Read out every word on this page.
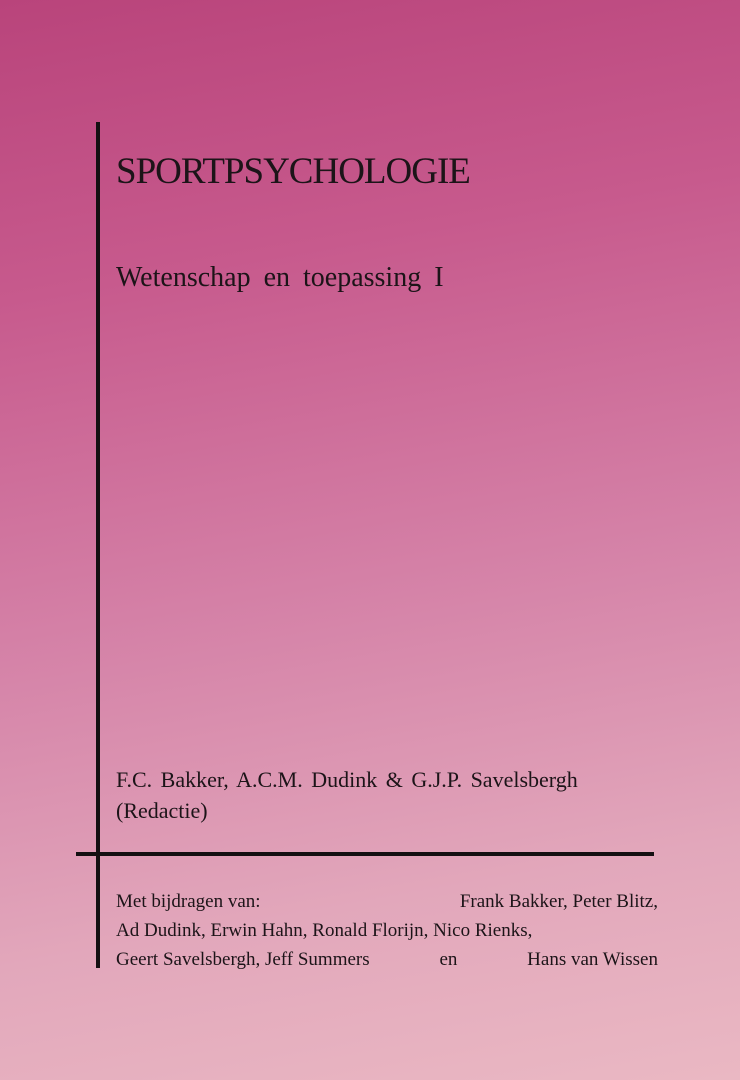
SPORTPSYCHOLOGIE
Wetenschap en toepassing I
F.C. Bakker, A.C.M. Dudink & G.J.P. Savelsbergh
(Redactie)
Met bijdragen van:	Frank Bakker, Peter Blitz,
Ad Dudink, Erwin Hahn, Ronald Florijn, Nico Rienks,
Geert Savelsbergh, Jeff Summers	en	Hans van Wissen
